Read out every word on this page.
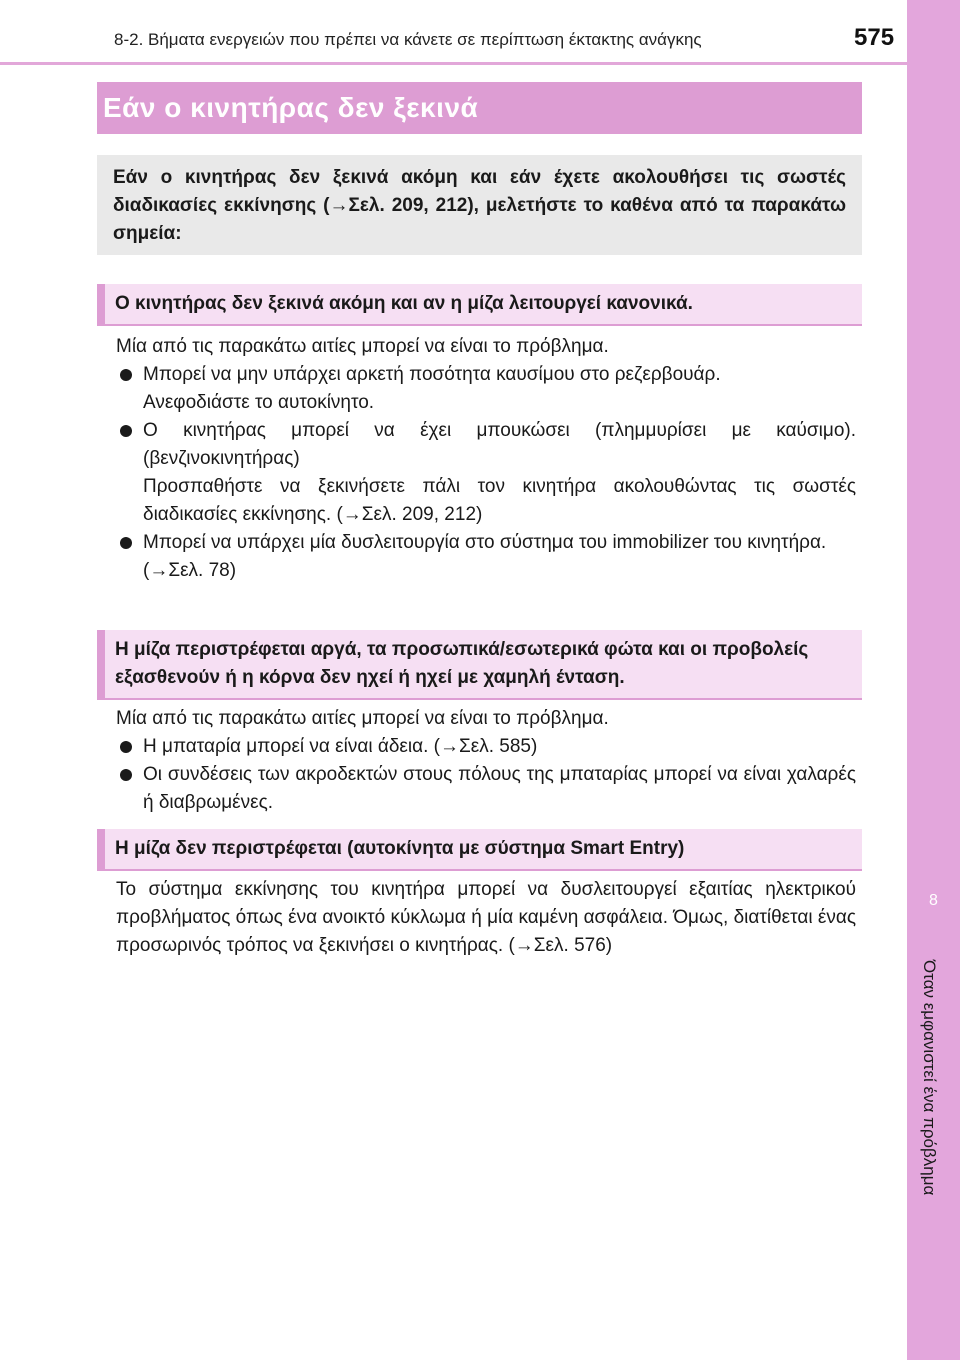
8-2. Βήματα ενεργειών που πρέπει να κάνετε σε περίπτωση έκτακτης ανάγκης	575
8
Όταν εμφανιστεί ένα πρόβλημα
Εάν ο κινητήρας δεν ξεκινά
Εάν ο κινητήρας δεν ξεκινά ακόμη και εάν έχετε ακολουθήσει τις σωστές διαδικασίες εκκίνησης (→Σελ. 209, 212), μελετήστε το καθένα από τα παρακάτω σημεία:
Ο κινητήρας δεν ξεκινά ακόμη και αν η μίζα λειτουργεί κανονικά.
Μία από τις παρακάτω αιτίες μπορεί να είναι το πρόβλημα.
Μπορεί να μην υπάρχει αρκετή ποσότητα καυσίμου στο ρεζερβουάρ.
Ανεφοδιάστε το αυτοκίνητο.
Ο κινητήρας μπορεί να έχει μπουκώσει (πλημμυρίσει με καύσιμο). (βενζινοκινητήρας)
Προσπαθήστε να ξεκινήσετε πάλι τον κινητήρα ακολουθώντας τις σωστές διαδικασίες εκκίνησης. (→Σελ. 209, 212)
Μπορεί να υπάρχει μία δυσλειτουργία στο σύστημα του immobilizer του κινητήρα.
(→Σελ. 78)
Η μίζα περιστρέφεται αργά, τα προσωπικά/εσωτερικά φώτα και οι προβολείς εξασθενούν ή η κόρνα δεν ηχεί ή ηχεί με χαμηλή ένταση.
Μία από τις παρακάτω αιτίες μπορεί να είναι το πρόβλημα.
Η μπαταρία μπορεί να είναι άδεια. (→Σελ. 585)
Οι συνδέσεις των ακροδεκτών στους πόλους της μπαταρίας μπορεί να είναι χαλαρές ή διαβρωμένες.
Η μίζα δεν περιστρέφεται (αυτοκίνητα με σύστημα Smart Entry)
Το σύστημα εκκίνησης του κινητήρα μπορεί να δυσλειτουργεί εξαιτίας ηλεκτρικού προβλήματος όπως ένα ανοικτό κύκλωμα ή μία καμένη ασφάλεια. Όμως, διατίθεται ένας προσωρινός τρόπος να ξεκινήσει ο κινητήρας. (→Σελ. 576)
